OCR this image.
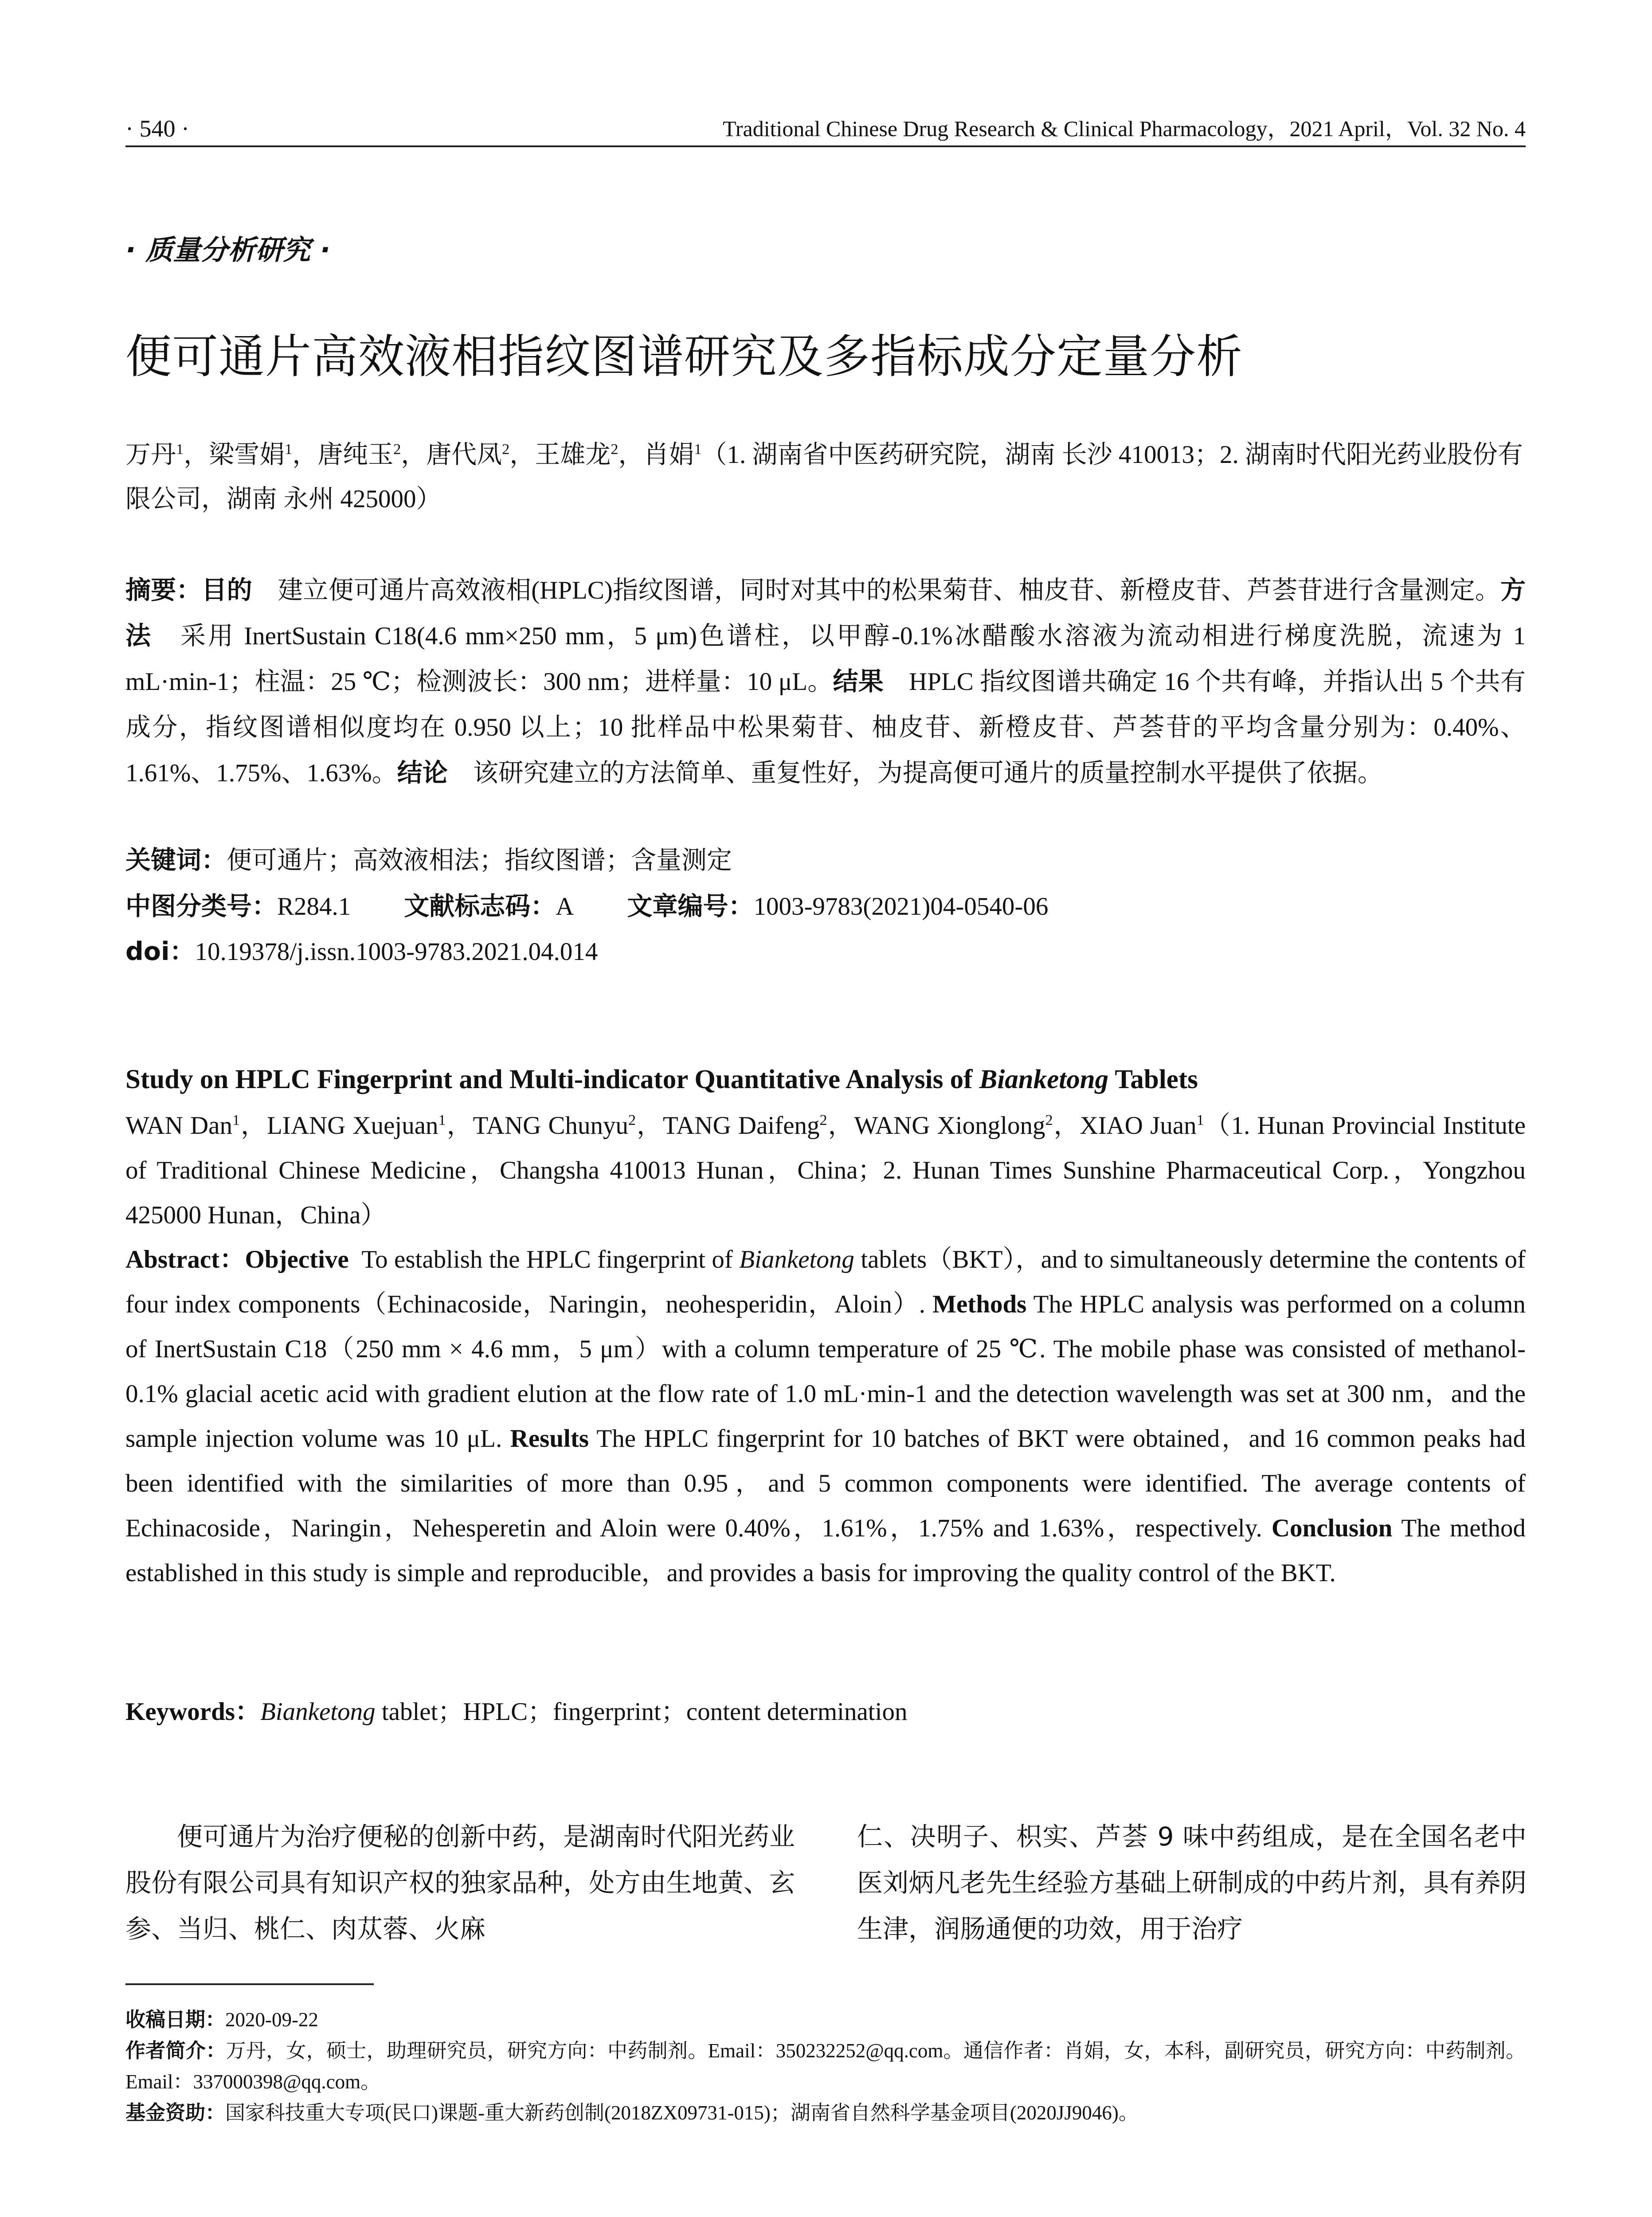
· 540 ·	Traditional Chinese Drug Research & Clinical Pharmacology，2021 April，Vol. 32 No. 4
· 质量分析研究 ·
便可通片高效液相指纹图谱研究及多指标成分定量分析
万丹$^1$，梁雪娟$^1$，唐纯玉$^2$，唐代凤$^2$，王雄龙$^2$，肖娟$^1$（1. 湖南省中医药研究院，湖南 长沙 410013；2. 湖南时代阳光药业股份有限公司，湖南 永州 425000）
摘要：目的  建立便可通片高效液相(HPLC)指纹图谱，同时对其中的松果菊苷、柚皮苷、新橙皮苷、芦荟苷进行含量测定。方法  采用 InertSustain C18(4.6 mm×250 mm，5 μm)色谱柱，以甲醇-0.1%冰醋酸水溶液为流动相进行梯度洗脱，流速为 1 mL·min-1；柱温：25 ℃；检测波长：300 nm；进样量：10 μL。结果  HPLC 指纹图谱共确定 16 个共有峰，并指认出 5 个共有成分，指纹图谱相似度均在 0.950 以上；10 批样品中松果菊苷、柚皮苷、新橙皮苷、芦荟苷的平均含量分别为：0.40%、1.61%、1.75%、1.63%。结论  该研究建立的方法简单、重复性好，为提高便可通片的质量控制水平提供了依据。
关键词：便可通片；高效液相法；指纹图谱；含量测定
中图分类号：R284.1 文献标志码：A 文章编号：1003-9783(2021)04-0540-06
doi：10.19378/j.issn.1003-9783.2021.04.014
Study on HPLC Fingerprint and Multi-indicator Quantitative Analysis of Bianketong Tablets
WAN Dan$^1$，LIANG Xuejuan$^1$，TANG Chunyu$^2$，TANG Daifeng$^2$，WANG Xionglong$^2$，XIAO Juan$^1$（1. Hunan Provincial Institute of Traditional Chinese Medicine，Changsha 410013 Hunan，China；2. Hunan Times Sunshine Pharmaceutical Corp.，Yongzhou 425000 Hunan，China）
Abstract：Objective  To establish the HPLC fingerprint of Bianketong tablets（BKT），and to simultaneously determine the contents of four index components（Echinacoside，Naringin，neohesperidin，Aloin）. Methods The HPLC analysis was performed on a column of InertSustain C18（250 mm × 4.6 mm，5 μm）with a column temperature of 25 ℃. The mobile phase was consisted of methanol-0.1% glacial acetic acid with gradient elution at the flow rate of 1.0 mL·min-1 and the detection wavelength was set at 300 nm，and the sample injection volume was 10 μL. Results The HPLC fingerprint for 10 batches of BKT were obtained，and 16 common peaks had been identified with the similarities of more than 0.95，and 5 common components were identified. The average contents of Echinacoside，Naringin，Nehesperetin and Aloin were 0.40%，1.61%，1.75% and 1.63%，respectively. Conclusion The method established in this study is simple and reproducible，and provides a basis for improving the quality control of the BKT.
Keywords：Bianketong tablet；HPLC；fingerprint；content determination
便可通片为治疗便秘的创新中药，是湖南时代阳光药业股份有限公司具有知识产权的独家品种，处方由生地黄、玄参、当归、桃仁、肉苁蓉、火麻
仁、决明子、枳实、芦荟 9 味中药组成，是在全国名老中医刘炳凡老先生经验方基础上研制成的中药片剂，具有养阴生津，润肠通便的功效，用于治疗

收稿日期：2020-09-22

作者简介：万丹，女，硕士，助理研究员，研究方向：中药制剂。Email：350232252@qq.com。通信作者：肖娟，女，本科，副研究员，研究方向：中药制剂。Email：337000398@qq.com。

基金资助：国家科技重大专项(民口)课题-重大新药创制(2018ZX09731-015)；湖南省自然科学基金项目(2020JJ9046)。
